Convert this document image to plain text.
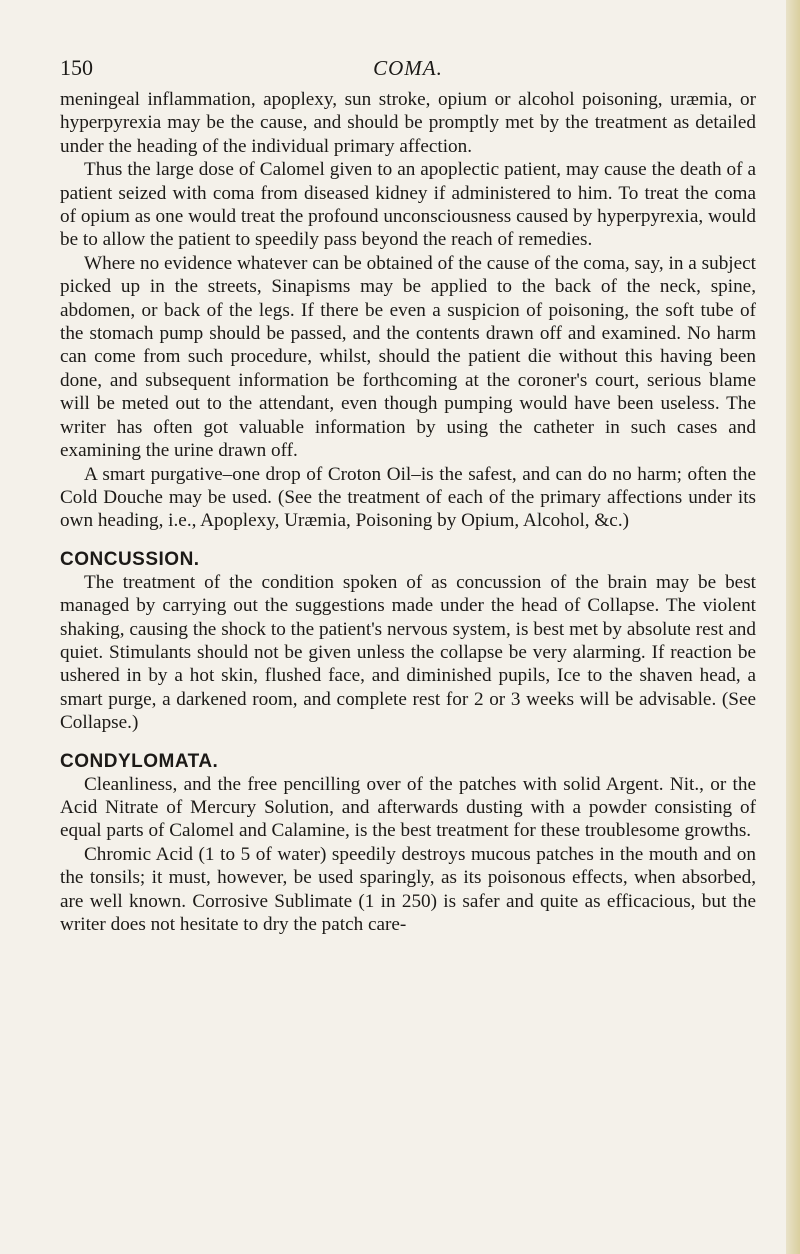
150	COMA.

meningeal inflammation, apoplexy, sun stroke, opium or alcohol poisoning, uræmia, or hyperpyrexia may be the cause, and should be promptly met by the treatment as detailed under the heading of the individual primary affection.

Thus the large dose of Calomel given to an apoplectic patient, may cause the death of a patient seized with coma from diseased kidney if administered to him. To treat the coma of opium as one would treat the profound unconsciousness caused by hyperpyrexia, would be to allow the patient to speedily pass beyond the reach of remedies.

Where no evidence whatever can be obtained of the cause of the coma, say, in a subject picked up in the streets, Sinapisms may be applied to the back of the neck, spine, abdomen, or back of the legs. If there be even a suspicion of poisoning, the soft tube of the stomach pump should be passed, and the contents drawn off and examined. No harm can come from such procedure, whilst, should the patient die without this having been done, and subsequent information be forthcoming at the coroner's court, serious blame will be meted out to the attendant, even though pumping would have been useless. The writer has often got valuable information by using the catheter in such cases and examining the urine drawn off.

A smart purgative–one drop of Croton Oil–is the safest, and can do no harm; often the Cold Douche may be used. (See the treatment of each of the primary affections under its own heading, i.e., Apoplexy, Uræmia, Poisoning by Opium, Alcohol, &c.)

CONCUSSION.

The treatment of the condition spoken of as concussion of the brain may be best managed by carrying out the suggestions made under the head of Collapse. The violent shaking, causing the shock to the patient's nervous system, is best met by absolute rest and quiet. Stimulants should not be given unless the collapse be very alarming. If reaction be ushered in by a hot skin, flushed face, and diminished pupils, Ice to the shaven head, a smart purge, a darkened room, and complete rest for 2 or 3 weeks will be advisable. (See Collapse.)

CONDYLOMATA.

Cleanliness, and the free pencilling over of the patches with solid Argent. Nit., or the Acid Nitrate of Mercury Solution, and afterwards dusting with a powder consisting of equal parts of Calomel and Calamine, is the best treatment for these troublesome growths.

Chromic Acid (1 to 5 of water) speedily destroys mucous patches in the mouth and on the tonsils; it must, however, be used sparingly, as its poisonous effects, when absorbed, are well known. Corrosive Sublimate (1 in 250) is safer and quite as efficacious, but the writer does not hesitate to dry the patch care-
